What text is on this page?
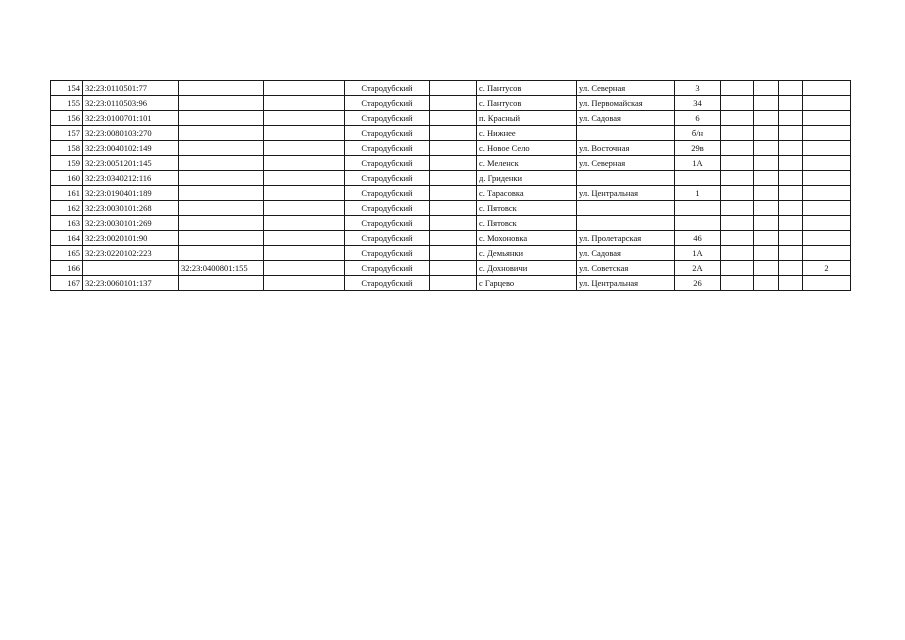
154	32:23:0110501:77			Стародубский		с. Пантусов	ул. Северная	3				
155	32:23:0110503:96			Стародубский		с. Пантусов	ул. Первомайская	34				
156	32:23:0100701:101			Стародубский		п. Красный	ул. Садовая	6				
157	32:23:0080103:270			Стародубский		с. Нижнее		б/н				
158	32:23:0040102:149			Стародубский		с. Новое Село	ул. Восточная	29в				
159	32:23:0051201:145			Стародубский		с. Меленск	ул. Северная	1А				
160	32:23:0340212:116			Стародубский		д. Гриденки						
161	32:23:0190401:189			Стародубский		с. Тарасовка	ул. Центральная	1				
162	32:23:0030101:268			Стародубский		с. Пятовск						
163	32:23:0030101:269			Стародубский		с. Пятовск						
164	32:23:0020101:90			Стародубский		с. Мохоновка	ул. Пролетарская	46				
165	32:23:0220102:223			Стародубский		с. Демьянки	ул. Садовая	1А				
166		32:23:0400801:155		Стародубский		с. Дохновичи	ул. Советская	2А				2
167	32:23:0060101:137			Стародубский		с Гарцево	ул. Центральная	26				
